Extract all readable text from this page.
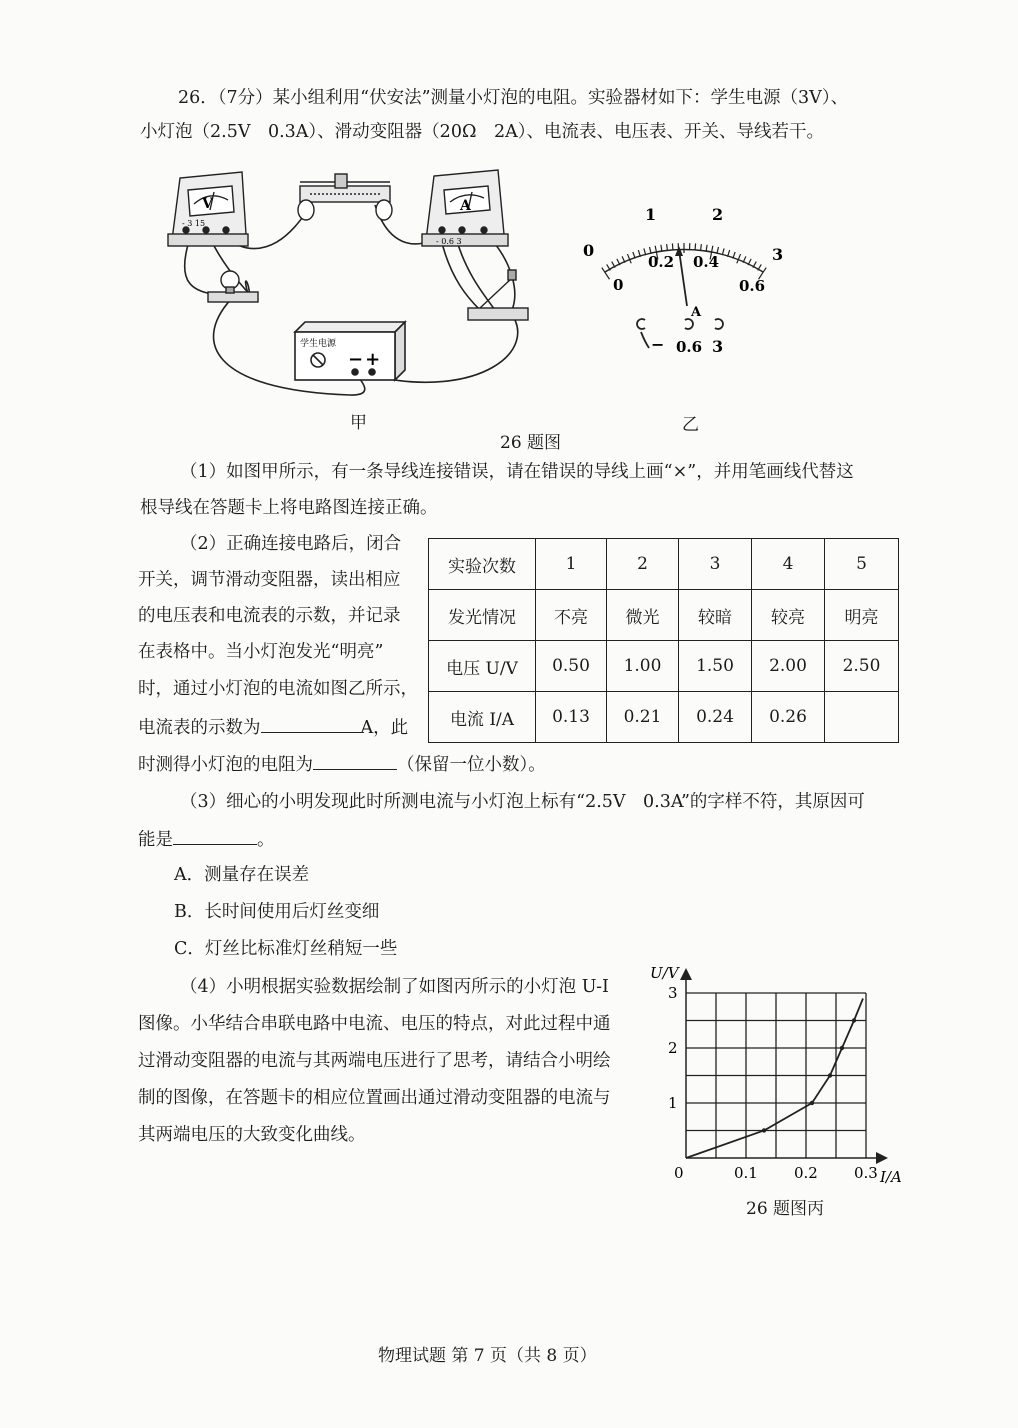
26．（7分）某小组利用“伏安法”测量小灯泡的电阻。实验器材如下：学生电源（3V）、
小灯泡（2.5V　0.3A）、滑动变阻器（20Ω　2A）、电流表、电压表、开关、导线若干。
V
- 3 15
A
- 0.6 3
学生电源
−+
甲
0
1	2
3
0
0.2 0.4
0.6
A
− 0.6 3
乙
26 题图
（1）如图甲所示，有一条导线连接错误，请在错误的导线上画“×”，并用笔画线代替这
根导线在答题卡上将电路图连接正确。
（2）正确连接电路后，闭合
开关，调节滑动变阻器，读出相应
的电压表和电流表的示数，并记录
在表格中。当小灯泡发光“明亮”
时，通过小灯泡的电流如图乙所示，
电流表的示数为	A，此
时测得小灯泡的电阻为	（保留一位小数）。
实验次数	1	2	3	4	5
发光情况	不亮	微光	较暗	较亮	明亮
电压 U/V	0.50	1.00	1.50	2.00	2.50
电流 I/A	0.13	0.21	0.24	0.26	
（3）细心的小明发现此时所测电流与小灯泡上标有“2.5V　0.3A”的字样不符，其原因可
能是	。
A．测量存在误差
B．长时间使用后灯丝变细
C．灯丝比标准灯丝稍短一些
（4）小明根据实验数据绘制了如图丙所示的小灯泡 U-I
图像。小华结合串联电路中电流、电压的特点，对此过程中通
过滑动变阻器的电流与其两端电压进行了思考，请结合小明绘
制的图像，在答题卡的相应位置画出通过滑动变阻器的电流与
其两端电压的大致变化曲线。
U/V
I/A
0	0.1 0.2 0.3
1
2
3
26 题图丙
物理试题 第 7 页（共 8 页）
